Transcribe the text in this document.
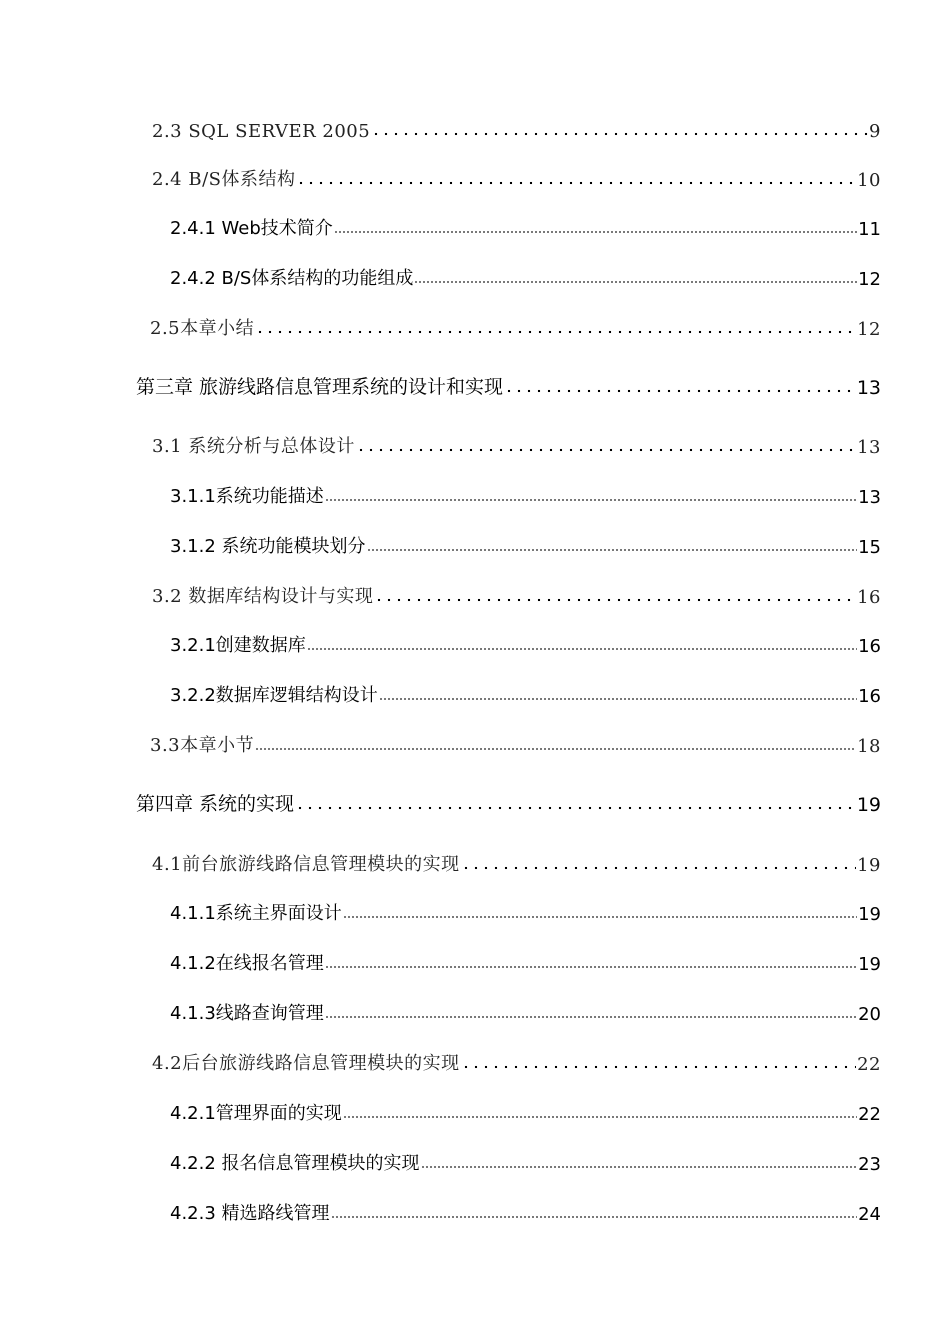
2.3 SQL SERVER 2005	9
2.4 B/S体系结构	10
2.4.1 Web技术简介	11
2.4.2 B/S体系结构的功能组成	12
2.5本章小结	12
第三章 旅游线路信息管理系统的设计和实现	13
3.1 系统分析与总体设计	13
3.1.1系统功能描述	13
3.1.2 系统功能模块划分	15
3.2 数据库结构设计与实现	16
3.2.1创建数据库	16
3.2.2数据库逻辑结构设计	16
3.3本章小节	18
第四章 系统的实现	19
4.1前台旅游线路信息管理模块的实现	19
4.1.1系统主界面设计	19
4.1.2在线报名管理	19
4.1.3线路查询管理	20
4.2后台旅游线路信息管理模块的实现	22
4.2.1管理界面的实现	22
4.2.2 报名信息管理模块的实现	23
4.2.3 精选路线管理	24
